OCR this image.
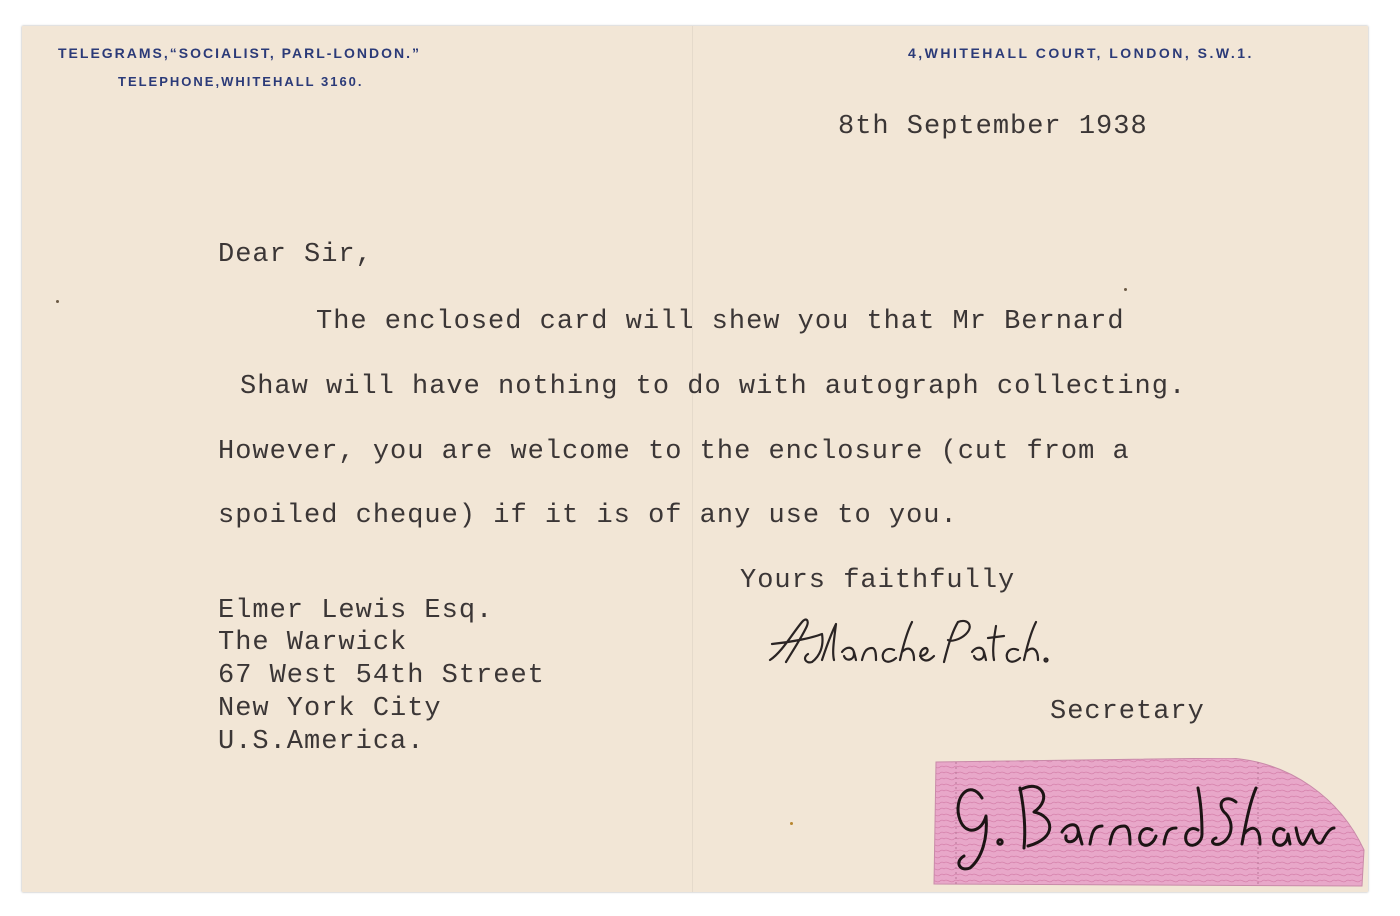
TELEGRAMS,“SOCIALIST, PARL-LONDON.”
TELEPHONE,WHITEHALL 3160.
4,WHITEHALL COURT, LONDON, S.W.1.
8th September 1938
Dear Sir,
The enclosed card will shew you that Mr Bernard
Shaw will have nothing to do with autograph collecting.
However, you are welcome to the enclosure (cut from a
spoiled cheque) if it is of any use to you.
Yours faithfully
Elmer Lewis Esq.
The Warwick
67 West 54th Street
New York City
U.S.America.
Secretary
